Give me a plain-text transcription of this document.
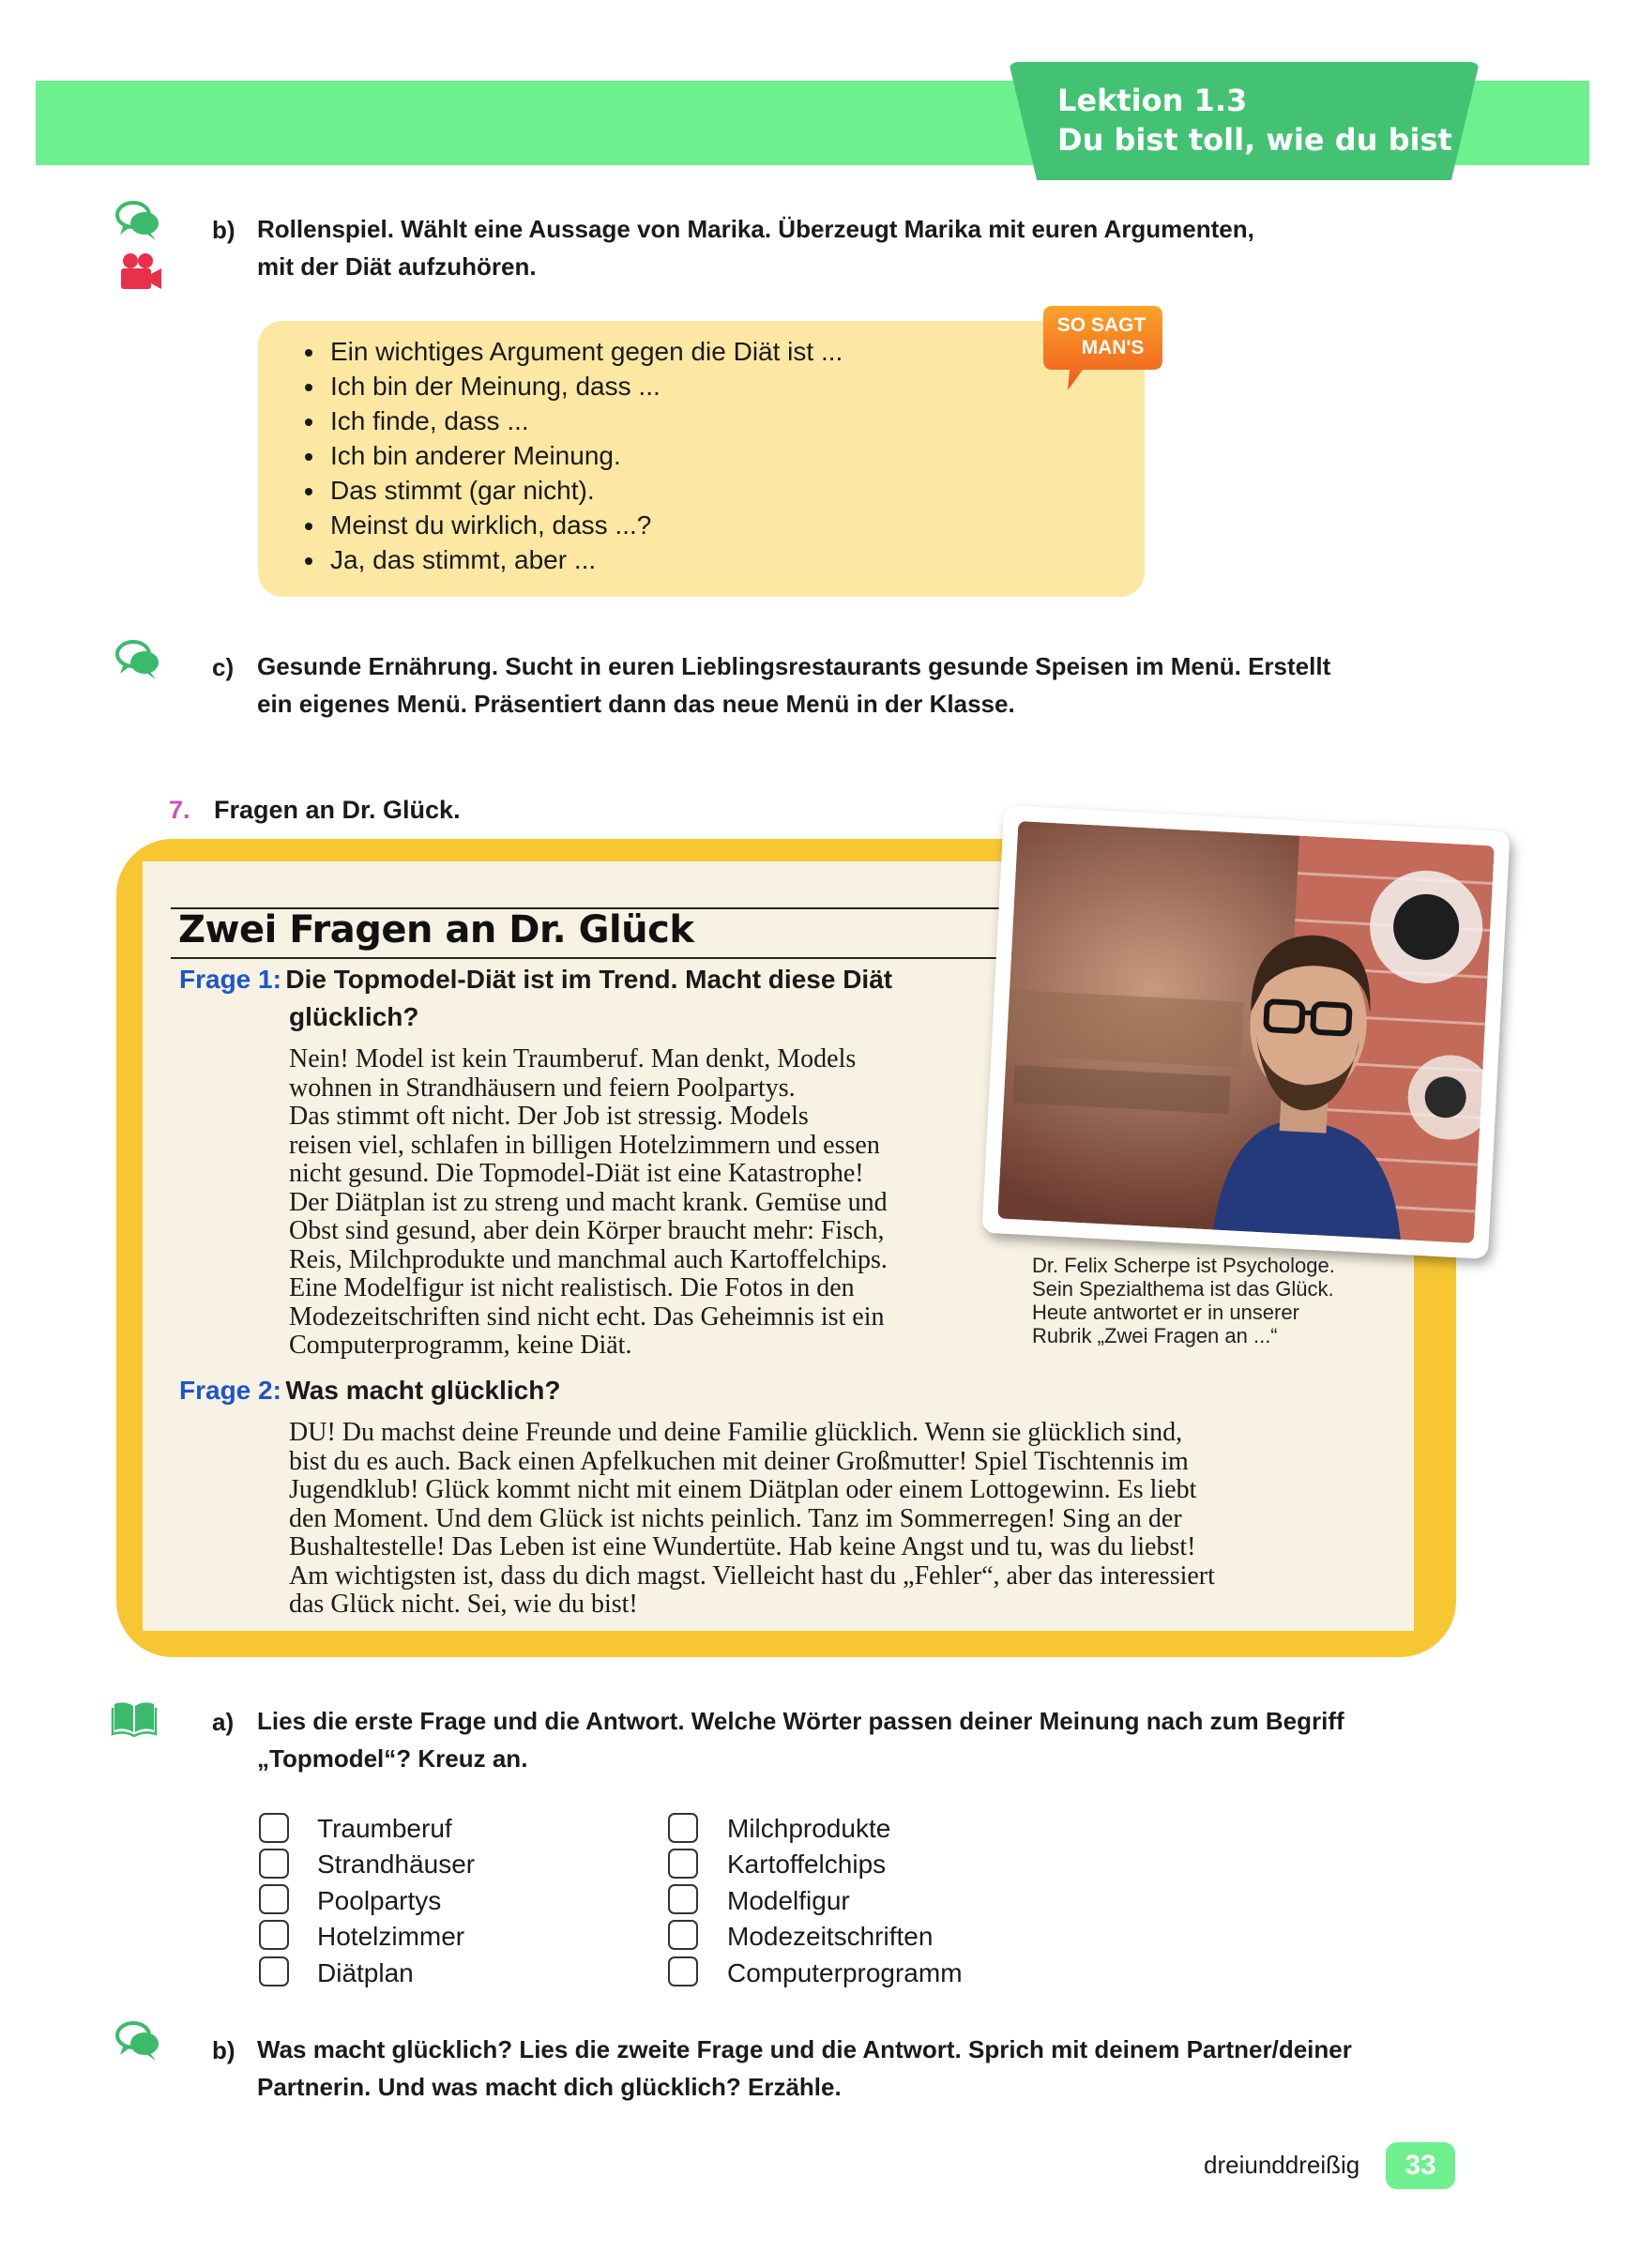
Lektion 1.3
Du bist toll, wie du bist
b) Rollenspiel. Wählt eine Aussage von Marika. Überzeugt Marika mit euren Argumenten,
mit der Diät aufzuhören.
• Ein wichtiges Argument gegen die Diät ist ...
• Ich bin der Meinung, dass ...
• Ich finde, dass ...
• Ich bin anderer Meinung.
• Das stimmt (gar nicht).
• Meinst du wirklich, dass ...?
• Ja, das stimmt, aber ...
SO SAGT
MAN'S
c) Gesunde Ernährung. Sucht in euren Lieblingsrestaurants gesunde Speisen im Menü. Erstellt
ein eigenes Menü. Präsentiert dann das neue Menü in der Klasse.
7. Fragen an Dr. Glück.
Zwei Fragen an Dr. Glück
Frage 1: Die Topmodel-Diät ist im Trend. Macht diese Diät
glücklich?
Nein! Model ist kein Traumberuf. Man denkt, Models
wohnen in Strandhäusern und feiern Poolpartys.
Das stimmt oft nicht. Der Job ist stressig. Models
reisen viel, schlafen in billigen Hotelzimmern und essen
nicht gesund. Die Topmodel-Diät ist eine Katastrophe!
Der Diätplan ist zu streng und macht krank. Gemüse und
Obst sind gesund, aber dein Körper braucht mehr: Fisch,
Reis, Milchprodukte und manchmal auch Kartoffelchips.
Eine Modelfigur ist nicht realistisch. Die Fotos in den
Modezeitschriften sind nicht echt. Das Geheimnis ist ein
Computerprogramm, keine Diät.
Frage 2: Was macht glücklich?
DU! Du machst deine Freunde und deine Familie glücklich. Wenn sie glücklich sind,
bist du es auch. Back einen Apfelkuchen mit deiner Großmutter! Spiel Tischtennis im
Jugendklub! Glück kommt nicht mit einem Diätplan oder einem Lottogewinn. Es liebt
den Moment. Und dem Glück ist nichts peinlich. Tanz im Sommerregen! Sing an der
Bushaltestelle! Das Leben ist eine Wundertüte. Hab keine Angst und tu, was du liebst!
Am wichtigsten ist, dass du dich magst. Vielleicht hast du „Fehler“, aber das interessiert
das Glück nicht. Sei, wie du bist!
Dr. Felix Scherpe ist Psychologe.
Sein Spezialthema ist das Glück.
Heute antwortet er in unserer
Rubrik „Zwei Fragen an ...“
a) Lies die erste Frage und die Antwort. Welche Wörter passen deiner Meinung nach zum Begriff
„Topmodel“? Kreuz an.
Traumberuf
Strandhäuser
Poolpartys
Hotelzimmer
Diätplan
Milchprodukte
Kartoffelchips
Modelfigur
Modezeitschriften
Computerprogramm
b) Was macht glücklich? Lies die zweite Frage und die Antwort. Sprich mit deinem Partner/deiner
Partnerin. Und was macht dich glücklich? Erzähle.
dreiunddreißig	33
